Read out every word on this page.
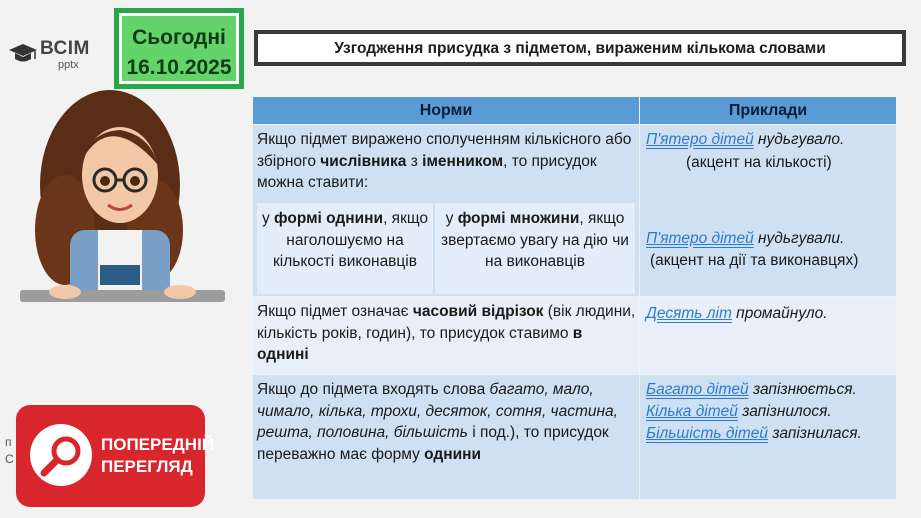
ВСІМ
pptx
Сьогодні
16.10.2025
Узгодження присудка з підметом, вираженим кількома словами
Норми	Приклади
Якщо підмет виражено сполученням кількісного або збірного числівника з іменником, то присудок можна ставити:
у формі однини, якщо наголошуємо на кількості виконавців
у формі множини, якщо звертаємо увагу на дію чи на виконавців
П'ятеро дітей нудьгувало.
(акцент на кількості)
П'ятеро дітей нудьгували.
(акцент на дії та виконавцях)
Якщо підмет означає часовий відрізок (вік людини, кількість років, годин), то присудок ставимо в однині
Десять літ промайнуло.
Якщо до підмета входять слова багато, мало, чимало, кілька, трохи, десяток, сотня, частина, решта, половина, більшість і под.), то присудок переважно має форму однини
Багато дітей запізнюється.
Кілька дітей запізнилося.
Більшість дітей запізнилася.
п
С
ПОПЕРЕДНІЙ
ПЕРЕГЛЯД
